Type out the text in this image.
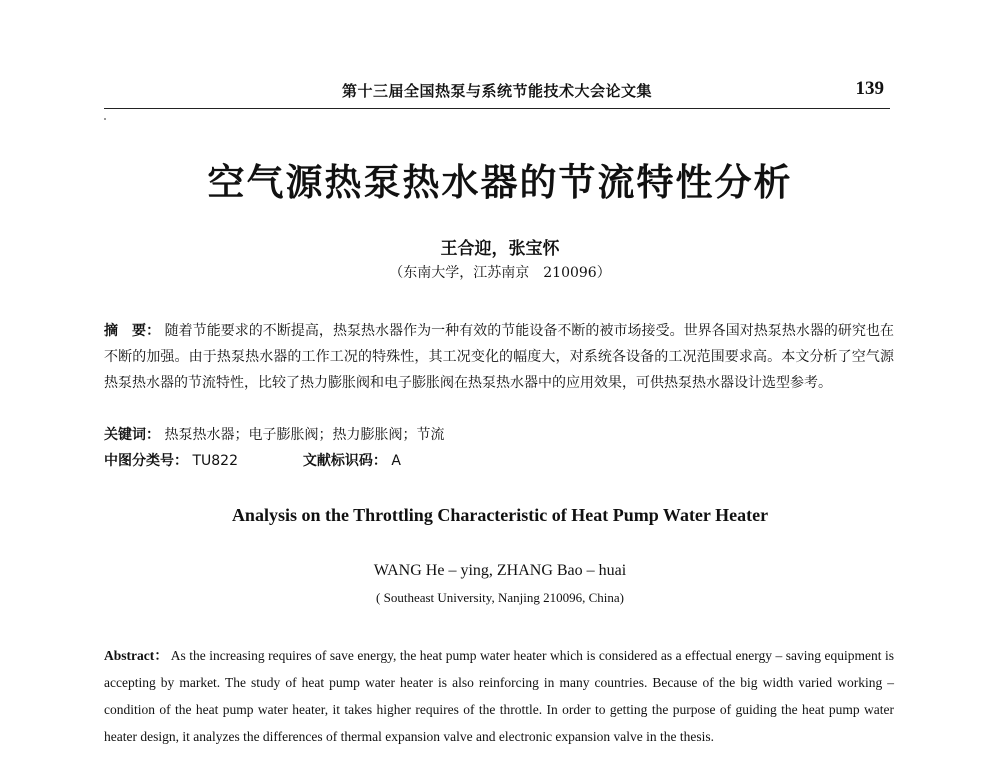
第十三届全国热泵与系统节能技术大会论文集	139
空气源热泵热水器的节流特性分析
王合迎，张宝怀
（东南大学，江苏南京　210096）
摘　要： 随着节能要求的不断提高，热泵热水器作为一种有效的节能设备不断的被市场接受。世界各国对热泵热水器的研究也在不断的加强。由于热泵热水器的工作工况的特殊性，其工况变化的幅度大，对系统各设备的工况范围要求高。本文分析了空气源热泵热水器的节流特性，比较了热力膨胀阀和电子膨胀阀在热泵热水器中的应用效果，可供热泵热水器设计选型参考。
关键词： 热泵热水器；电子膨胀阀；热力膨胀阀；节流
中图分类号： TU822	文献标识码： A
Analysis on the Throttling Characteristic of Heat Pump Water Heater
WANG He – ying, ZHANG Bao – huai
( Southeast University, Nanjing 210096, China)
Abstract： As the increasing requires of save energy, the heat pump water heater which is considered as a effectual energy – saving equipment is accepting by market. The study of heat pump water heater is also reinforcing in many countries. Because of the big width varied working – condition of the heat pump water heater, it takes higher requires of the throttle. In order to getting the purpose of guiding the heat pump water heater design, it analyzes the differences of thermal expansion valve and electronic expansion valve in the thesis.
